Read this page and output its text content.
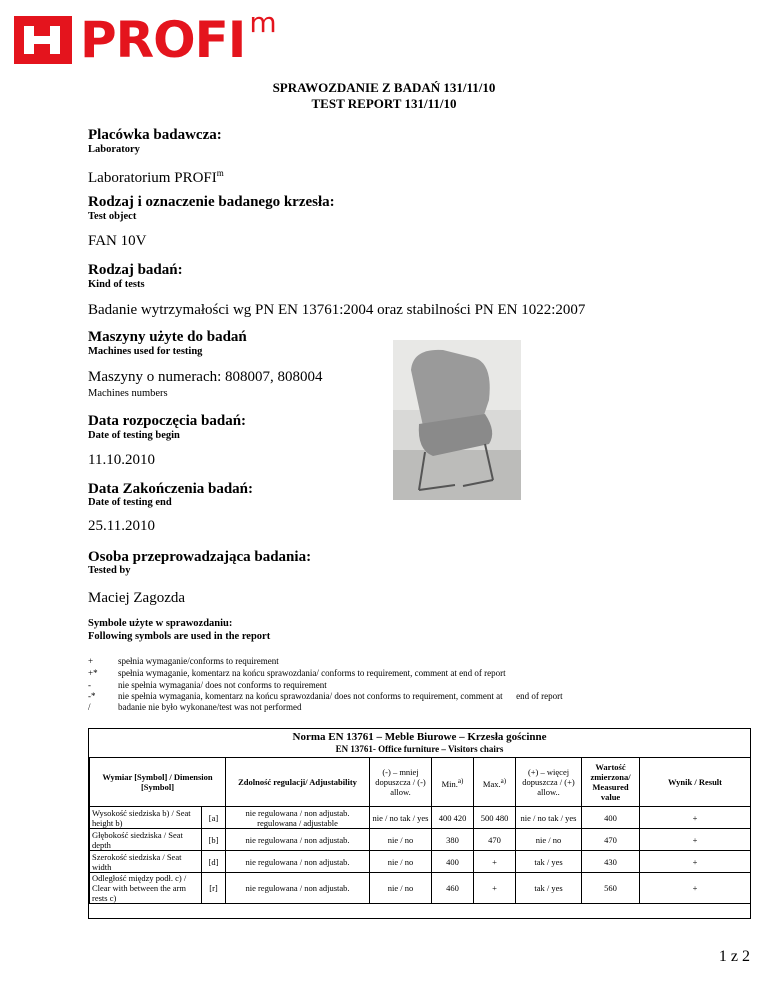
PROFI m
SPRAWOZDANIE Z BADAŃ 131/11/10
TEST REPORT 131/11/10
Placówka badawcza:
Laboratory
Laboratorium PROFI$^m$
Rodzaj i oznaczenie badanego krzesła:
Test object
FAN 10V
Rodzaj badań:
Kind of tests
Badanie wytrzymałości wg PN EN 13761:2004 oraz stabilności PN EN 1022:2007
Maszyny użyte do badań
Machines used for testing
Maszyny o numerach: 808007, 808004
Machines numbers
Data rozpoczęcia badań:
Date of testing begin
11.10.2010
Data Zakończenia badań:
Date of testing end
25.11.2010
Osoba przeprowadzająca badania:
Tested by
Maciej Zagozda
Symbole użyte w sprawozdaniu:
Following symbols are used in the report
+	spełnia wymaganie/conforms to requirement
+* spełnia wymaganie, komentarz na końcu sprawozdania/ conforms to requirement, comment at end of report
-	nie spełnia wymagania/ does not conforms to requirement
-*	nie spełnia wymagania, komentarz na końcu sprawozdania/ does not conforms to requirement, comment at      end of report
/	badanie nie było wykonane/test was not performed
Norma EN 13761 – Meble Biurowe – Krzesła gościnne
EN 13761- Office furniture – Visitors chairs
Wymiar [Symbol] / Dimension [Symbol]		Zdolność regulacji/ Adjustability	(-) – mniej dopuszcza / (-) allow.	Min.$^{a)}$	Max.$^{a)}$	(+) – więcej dopuszcza / (+) allow..	Wartość zmierzona/ Measured value	Wynik / Result
Wysokość siedziska b) / Seat height b)	[a]	nie regulowana / non adjustab. regulowana / adjustable	nie / no tak / yes	400 420	500 480	nie / no tak / yes	400	+
Głębokość siedziska / Seat depth	[b]	nie regulowana / non adjustab.	nie / no	380	470	nie / no	470	+
Szerokość siedziska / Seat width	[d]	nie regulowana / non adjustab.	nie / no	400	+	tak / yes	430	+
Odległość między podł. c) / Clear with between the arm rests c)	[r]	nie regulowana / non adjustab.	nie / no	460	+	tak / yes	560	+
1 z 2
